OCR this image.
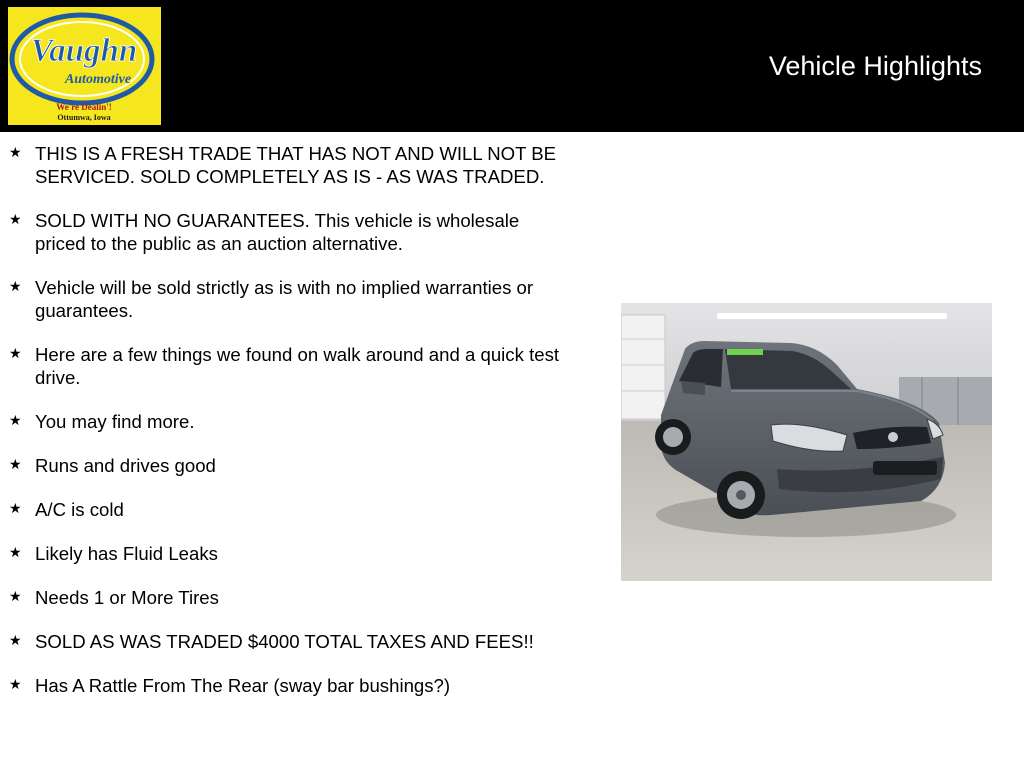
Vaughn
Automotive
We're Dealin'!
Ottumwa, Iowa
Vehicle Highlights
★ THIS IS A FRESH TRADE THAT HAS NOT AND WILL NOT BE SERVICED. SOLD COMPLETELY AS IS - AS WAS TRADED.
★ SOLD WITH NO GUARANTEES. This vehicle is wholesale priced to the public as an auction alternative.
★ Vehicle will be sold strictly as is with no implied warranties or guarantees.
★ Here are a few things we found on walk around and a quick test drive.
★ You may find more.
★ Runs and drives good
★ A/C is cold
★ Likely has Fluid Leaks
★ Needs 1 or More Tires
★ SOLD AS WAS TRADED $4000 TOTAL TAXES AND FEES!!
★ Has A Rattle From The Rear (sway bar bushings?)
